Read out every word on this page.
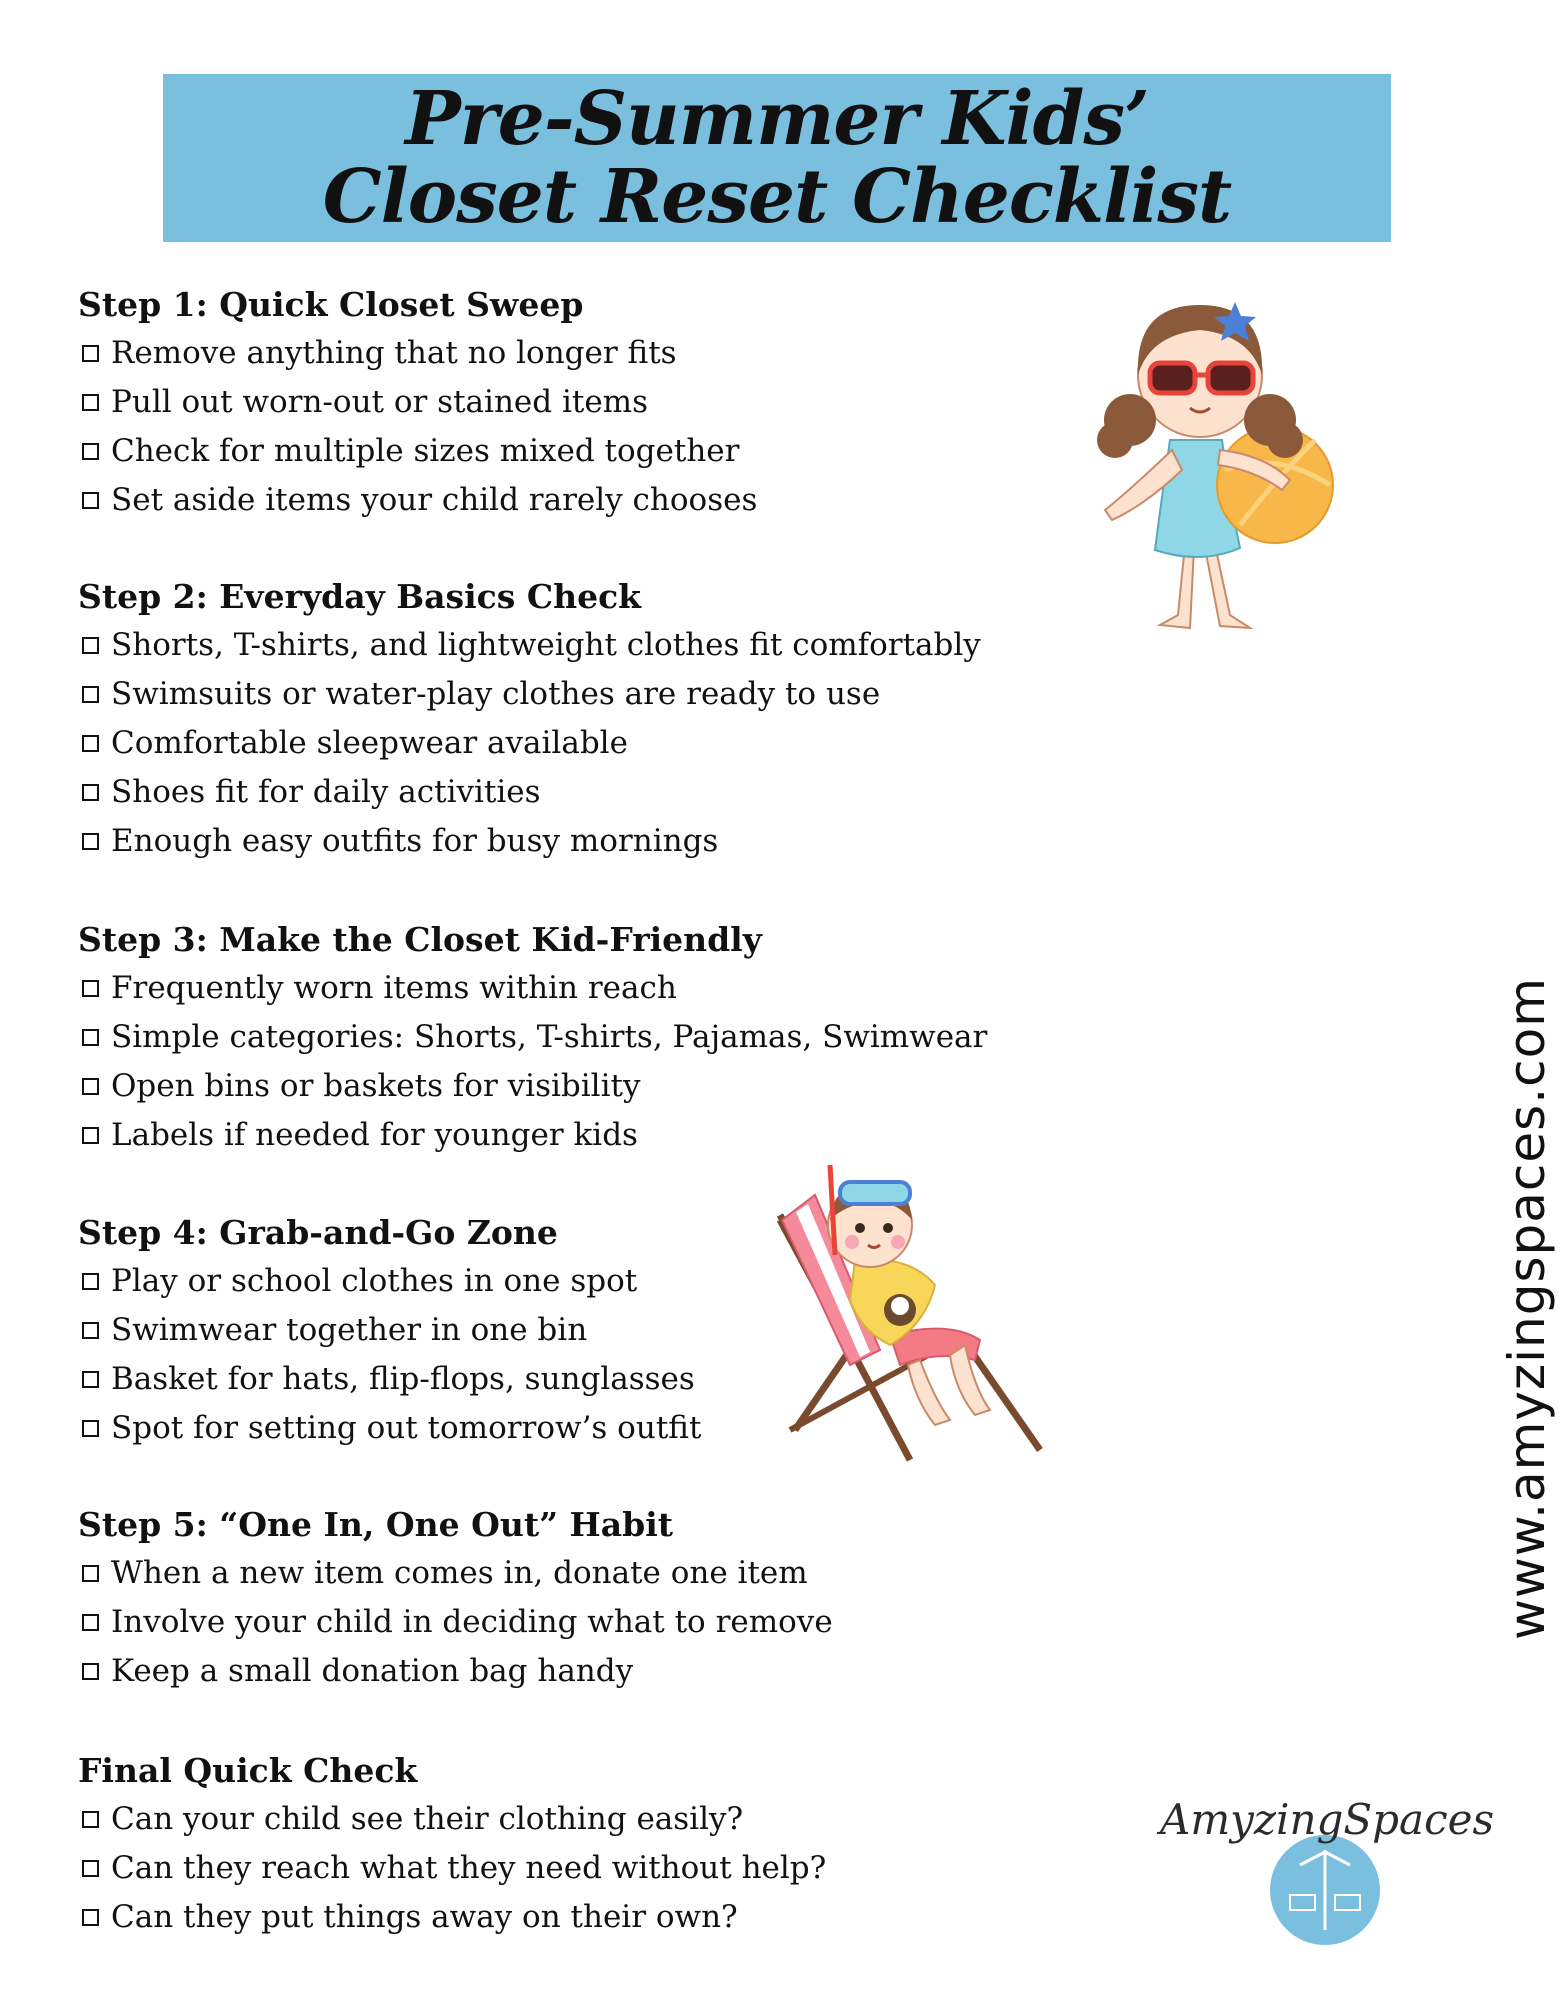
Pre-Summer Kids’
Closet Reset Checklist
Step 1: Quick Closet Sweep
Remove anything that no longer fits
Pull out worn-out or stained items
Check for multiple sizes mixed together
Set aside items your child rarely chooses
Step 2: Everyday Basics Check
Shorts, T-shirts, and lightweight clothes fit comfortably
Swimsuits or water-play clothes are ready to use
Comfortable sleepwear available
Shoes fit for daily activities
Enough easy outfits for busy mornings
Step 3: Make the Closet Kid-Friendly
Frequently worn items within reach
Simple categories: Shorts, T-shirts, Pajamas, Swimwear
Open bins or baskets for visibility
Labels if needed for younger kids
Step 4: Grab-and-Go Zone
Play or school clothes in one spot
Swimwear together in one bin
Basket for hats, flip-flops, sunglasses
Spot for setting out tomorrow’s outfit
Step 5: “One In, One Out” Habit
When a new item comes in, donate one item
Involve your child in deciding what to remove
Keep a small donation bag handy
Final Quick Check
Can your child see their clothing easily?
Can they reach what they need without help?
Can they put things away on their own?
www.amyzingspaces.com
AmyzingSpaces
